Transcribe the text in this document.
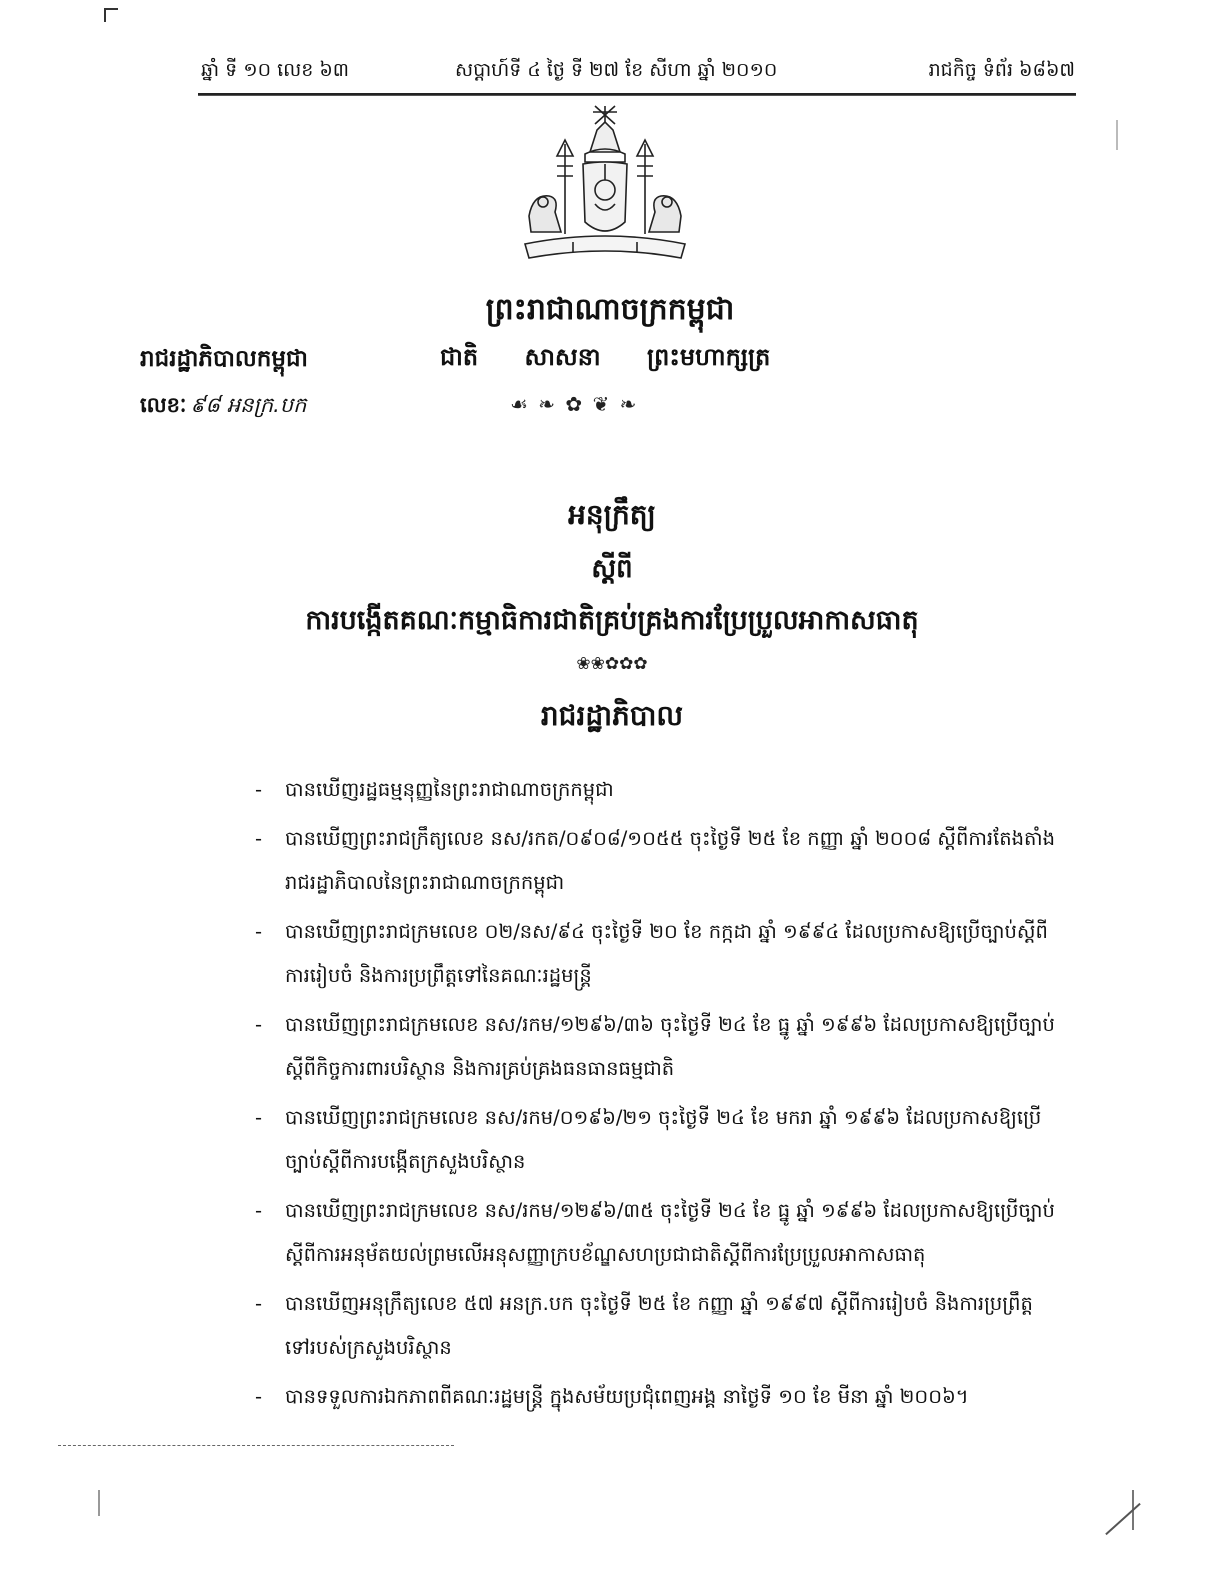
ឆ្នាំ ទី ១០ លេខ ៦៣	សប្ដាហ៍ទី ៤ ថ្ងៃ ទី ២៧ ខែ សីហា ឆ្នាំ ២០១០	រាជកិច្ច ទំព័រ ៦៨៦៧
ព្រះរាជាណាចក្រកម្ពុជា
ជាតិ សាសនា ព្រះមហាក្សត្រ
☙ ❧ ✿ ❦ ❧
រាជរដ្ឋាភិបាលកម្ពុជា
លេខៈ ៩៨ អនក្រ.បក
អនុក្រឹត្យ
ស្ដីពី
ការបង្កើតគណៈកម្មាធិការជាតិគ្រប់គ្រងការប្រែប្រួលអាកាសធាតុ
❀❀✿✿✿
រាជរដ្ឋាភិបាល
- បានឃើញរដ្ឋធម្មនុញ្ញនៃព្រះរាជាណាចក្រកម្ពុជា
- បានឃើញព្រះរាជក្រឹត្យលេខ នស/រកត/០៩០៨/១០៥៥ ចុះថ្ងៃទី ២៥ ខែ កញ្ញា ឆ្នាំ ២០០៨ ស្ដីពីការតែងតាំងរាជរដ្ឋាភិបាលនៃព្រះរាជាណាចក្រកម្ពុជា
- បានឃើញព្រះរាជក្រមលេខ ០២/នស/៩៤ ចុះថ្ងៃទី ២០ ខែ កក្កដា ឆ្នាំ ១៩៩៤ ដែលប្រកាសឱ្យប្រើច្បាប់ស្ដីពីការរៀបចំ និងការប្រព្រឹត្តទៅនៃគណៈរដ្ឋមន្ត្រី
- បានឃើញព្រះរាជក្រមលេខ នស/រកម/១២៩៦/៣៦ ចុះថ្ងៃទី ២៤ ខែ ធ្នូ ឆ្នាំ ១៩៩៦ ដែលប្រកាសឱ្យប្រើច្បាប់ស្ដីពីកិច្ចការពារបរិស្ថាន និងការគ្រប់គ្រងធនធានធម្មជាតិ
- បានឃើញព្រះរាជក្រមលេខ នស/រកម/០១៩៦/២១ ចុះថ្ងៃទី ២៤ ខែ មករា ឆ្នាំ ១៩៩៦ ដែលប្រកាសឱ្យប្រើច្បាប់ស្ដីពីការបង្កើតក្រសួងបរិស្ថាន
- បានឃើញព្រះរាជក្រមលេខ នស/រកម/១២៩៦/៣៥ ចុះថ្ងៃទី ២៤ ខែ ធ្នូ ឆ្នាំ ១៩៩៦ ដែលប្រកាសឱ្យប្រើច្បាប់ស្ដីពីការអនុម័តយល់ព្រមលើអនុសញ្ញាក្របខ័ណ្ឌសហប្រជាជាតិស្ដីពីការប្រែប្រួលអាកាសធាតុ
- បានឃើញអនុក្រឹត្យលេខ ៥៧ អនក្រ.បក ចុះថ្ងៃទី ២៥ ខែ កញ្ញា ឆ្នាំ ១៩៩៧ ស្ដីពីការរៀបចំ និងការប្រព្រឹត្តទៅរបស់ក្រសួងបរិស្ថាន
- បានទទួលការឯកភាពពីគណៈរដ្ឋមន្ត្រី ក្នុងសម័យប្រជុំពេញអង្គ នាថ្ងៃទី ១០ ខែ មីនា ឆ្នាំ ២០០៦។
